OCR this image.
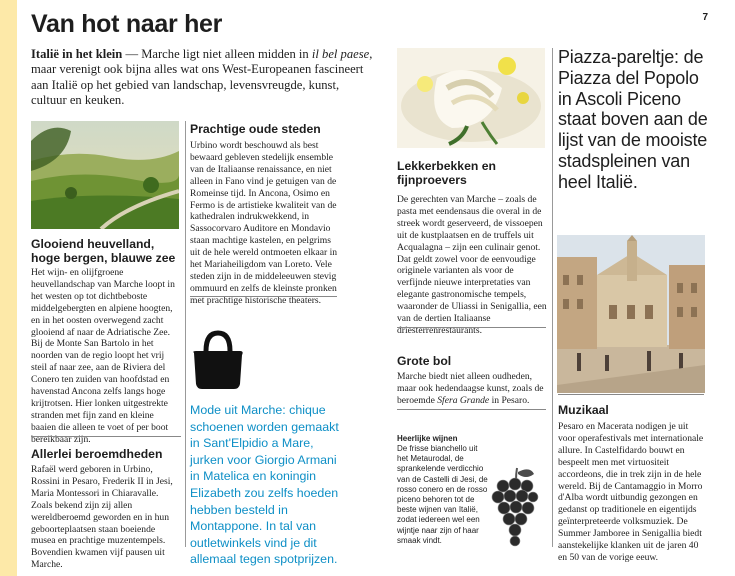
7
Van hot naar her
Italië in het klein — Marche ligt niet alleen midden in il bel paese, maar verenigt ook bijna alles wat ons West-Europeanen fascineert aan Italië op het gebied van landschap, levensvreugde, kunst, cultuur en keuken.
Glooiend heuvelland, hoge bergen, blauwe zee
Het wijn- en olijfgroene heuvellandschap van Marche loopt in het westen op tot dichtbeboste middelgebergten en alpiene hoogten, en in het oosten overwegend zacht glooiend af naar de Adriatische Zee. Bij de Monte San Bartolo in het noorden van de regio loopt het vrij steil af naar zee, aan de Riviera del Conero ten zuiden van hoofdstad en havenstad Ancona zelfs langs hoge krijtrotsen. Hier lonken uitgestrekte stranden met fijn zand en kleine baaien die alleen te voet of per boot bereikbaar zijn.
Allerlei beroemdheden
Rafaël werd geboren in Urbino, Rossini in Pesaro, Frederik II in Jesi, Maria Montessori in Chiaravalle. Zoals bekend zijn zij allen wereldberoemd geworden en in hun geboorteplaatsen staan boeiende musea en prachtige muzentempels. Bovendien kwamen vijf pausen uit Marche.
Prachtige oude steden
Urbino wordt beschouwd als best bewaard gebleven stedelijk ensemble van de Italiaanse renaissance, en niet alleen in Fano vind je getuigen van de Romeinse tijd. In Ancona, Osimo en Fermo is de artistieke kwaliteit van de kathedralen indrukwekkend, in Sassocorvaro Auditore en Mondavio staan machtige kastelen, en pelgrims uit de hele wereld ontmoeten elkaar in het Mariaheiligdom van Loreto. Vele steden zijn in de middeleeuwen stevig ommuurd en zelfs de kleinste pronken met prachtige historische theaters.
Mode uit Marche: chique schoenen worden gemaakt in Sant'Elpidio a Mare, jurken voor Giorgio Armani in Matelica en koningin Elizabeth zou zelfs hoeden hebben besteld in Montappone. In tal van outletwinkels vind je dit allemaal tegen spotprijzen.
Lekkerbekken en fijnproevers
De gerechten van Marche – zoals de pasta met eendensaus die overal in de streek wordt geserveerd, de vissoepen uit de kustplaatsen en de truffels uit Acqualagna – zijn een culinair genot. Dat geldt zowel voor de eenvoudige originele varianten als voor de verfijnde nieuwe interpretaties van elegante gastronomische tempels, waaronder de Uliassi in Senigallia, een van de dertien Italiaanse driesterrenrestaurants.
Grote bol
Marche biedt niet alleen oudheden, maar ook hedendaagse kunst, zoals de beroemde Sfera Grande in Pesaro.
Heerlijke wijnen
De frisse bianchello uit het Metaurodal, de sprankelende verdicchio van de Castelli di Jesi, de rosso conero en de rosso piceno behoren tot de beste wijnen van Italië, zodat iedereen wel een wijntje naar zijn of haar smaak vindt.
Piazza-pareltje: de Piazza del Popolo in Ascoli Piceno staat boven aan de lijst van de mooiste stadspleinen van heel Italië.
Muzikaal
Pesaro en Macerata nodigen je uit voor operafestivals met internationale allure. In Castelfidardo bouwt en bespeelt men met virtuositeit accordeons, die in trek zijn in de hele wereld. Bij de Cantamaggio in Morro d'Alba wordt uitbundig gezongen en gedanst op traditionele en eigentijds geïnterpreteerde volksmuziek. De Summer Jamboree in Senigallia biedt aanstekelijke klanken uit de jaren 40 en 50 van de vorige eeuw.
